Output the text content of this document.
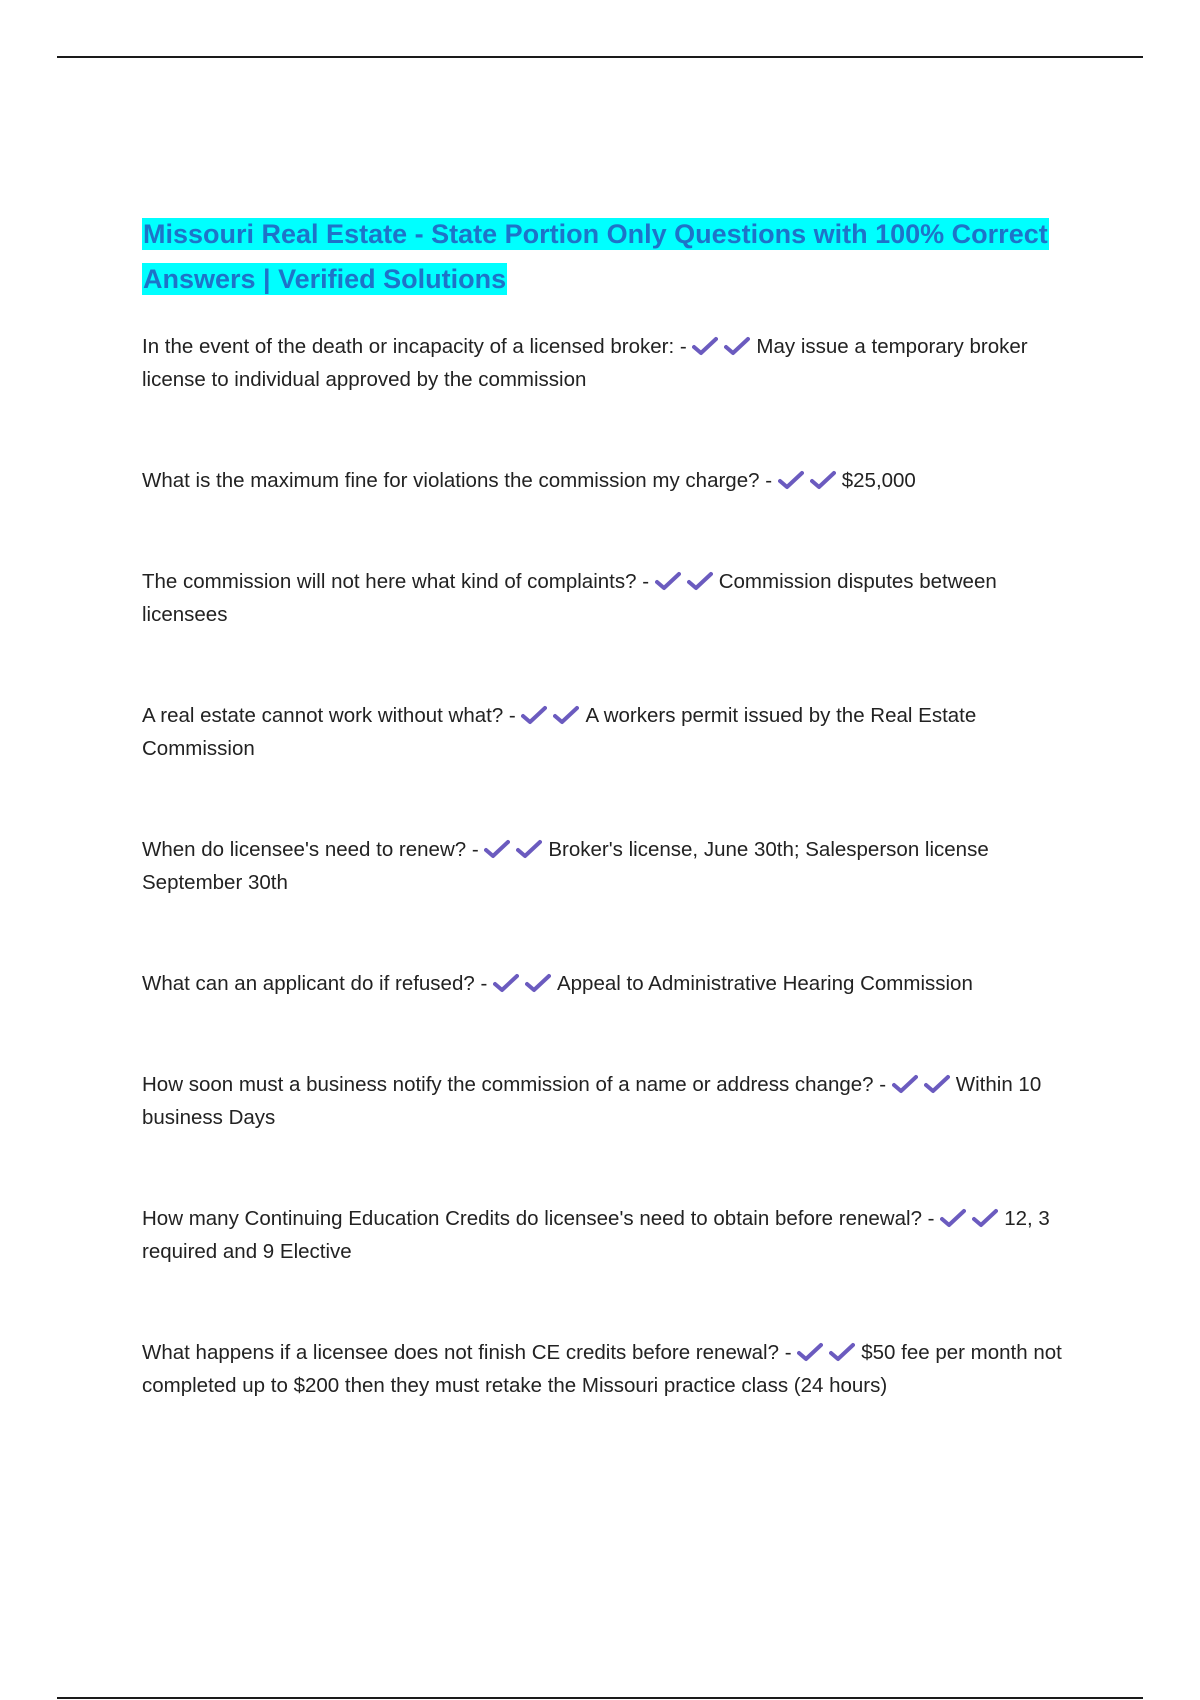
Missouri Real Estate - State Portion Only Questions with 100% Correct Answers | Verified Solutions

In the event of the death or incapacity of a licensed broker: -	May issue a temporary broker license to individual approved by the commission

What is the maximum fine for violations the commission my charge? -	$25,000

The commission will not here what kind of complaints? -	Commission disputes between licensees

A real estate cannot work without what? -	A workers permit issued by the Real Estate Commission

When do licensee's need to renew? -	Broker's license, June 30th; Salesperson license September 30th

What can an applicant do if refused? -	Appeal to Administrative Hearing Commission

How soon must a business notify the commission of a name or address change? -	Within 10 business Days

How many Continuing Education Credits do licensee's need to obtain before renewal? -	12, 3 required and 9 Elective

What happens if a licensee does not finish CE credits before renewal? -	$50 fee per month not completed up to $200 then they must retake the Missouri practice class (24 hours)
